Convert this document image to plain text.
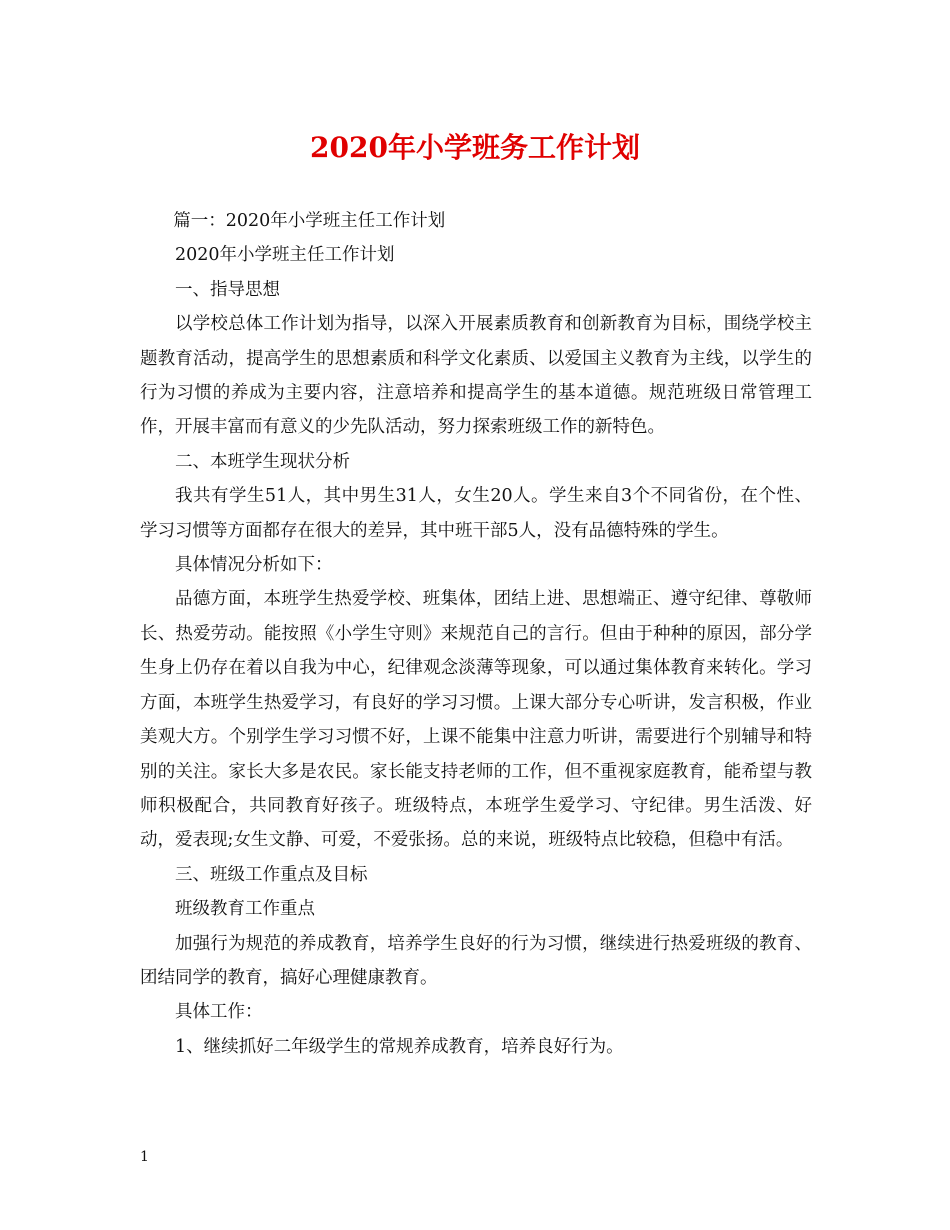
2020年小学班务工作计划

篇一：2020年小学班主任工作计划

2020年小学班主任工作计划

一、指导思想

以学校总体工作计划为指导，以深入开展素质教育和创新教育为目标，围绕学校主题教育活动，提高学生的思想素质和科学文化素质、以爱国主义教育为主线，以学生的行为习惯的养成为主要内容，注意培养和提高学生的基本道德。规范班级日常管理工作，开展丰富而有意义的少先队活动，努力探索班级工作的新特色。

二、本班学生现状分析

我共有学生51人，其中男生31人，女生20人。学生来自3个不同省份，在个性、学习习惯等方面都存在很大的差异，其中班干部5人，没有品德特殊的学生。

具体情况分析如下：

品德方面，本班学生热爱学校、班集体，团结上进、思想端正、遵守纪律、尊敬师长、热爱劳动。能按照《小学生守则》来规范自己的言行。但由于种种的原因，部分学生身上仍存在着以自我为中心，纪律观念淡薄等现象，可以通过集体教育来转化。学习方面，本班学生热爱学习，有良好的学习习惯。上课大部分专心听讲，发言积极，作业美观大方。个别学生学习习惯不好，上课不能集中注意力听讲，需要进行个别辅导和特别的关注。家长大多是农民。家长能支持老师的工作，但不重视家庭教育，能希望与教师积极配合，共同教育好孩子。班级特点，本班学生爱学习、守纪律。男生活泼、好动，爱表现;女生文静、可爱，不爱张扬。总的来说，班级特点比较稳，但稳中有活。

三、班级工作重点及目标

班级教育工作重点

加强行为规范的养成教育，培养学生良好的行为习惯，继续进行热爱班级的教育、团结同学的教育，搞好心理健康教育。

具体工作：

1、继续抓好二年级学生的常规养成教育，培养良好行为。

1
